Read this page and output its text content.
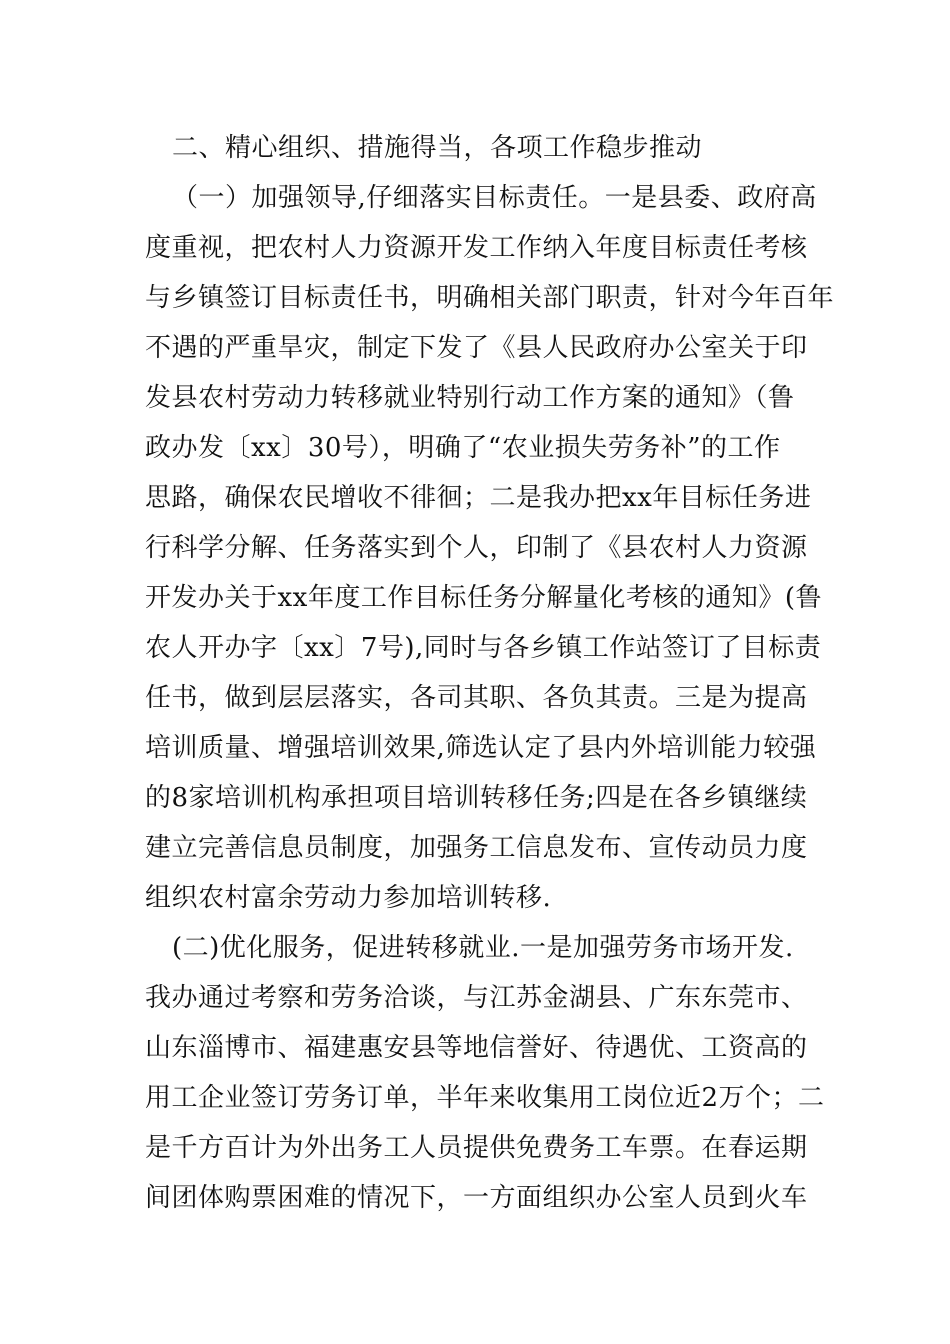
二、精心组织、措施得当，各项工作稳步推动
（一）加强领导,仔细落实目标责任。一是县委、政府高
度重视，把农村人力资源开发工作纳入年度目标责任考核
与乡镇签订目标责任书，明确相关部门职责，针对今年百年
不遇的严重旱灾，制定下发了《县人民政府办公室关于印
发县农村劳动力转移就业特别行动工作方案的通知》（鲁
政办发〔xx〕30号），明确了“农业损失劳务补”的工作
思路，确保农民增收不徘徊；二是我办把xx年目标任务进
行科学分解、任务落实到个人，印制了《县农村人力资源
开发办关于xx年度工作目标任务分解量化考核的通知》(鲁
农人开办字〔xx〕7号),同时与各乡镇工作站签订了目标责
任书，做到层层落实，各司其职、各负其责。三是为提高
培训质量、增强培训效果,筛选认定了县内外培训能力较强
的8家培训机构承担项目培训转移任务;四是在各乡镇继续
建立完善信息员制度，加强务工信息发布、宣传动员力度
组织农村富余劳动力参加培训转移.
(二)优化服务，促进转移就业.一是加强劳务市场开发.
我办通过考察和劳务洽谈，与江苏金湖县、广东东莞市、
山东淄博市、福建惠安县等地信誉好、待遇优、工资高的
用工企业签订劳务订单，半年来收集用工岗位近2万个；二
是千方百计为外出务工人员提供免费务工车票。在春运期
间团体购票困难的情况下，一方面组织办公室人员到火车
